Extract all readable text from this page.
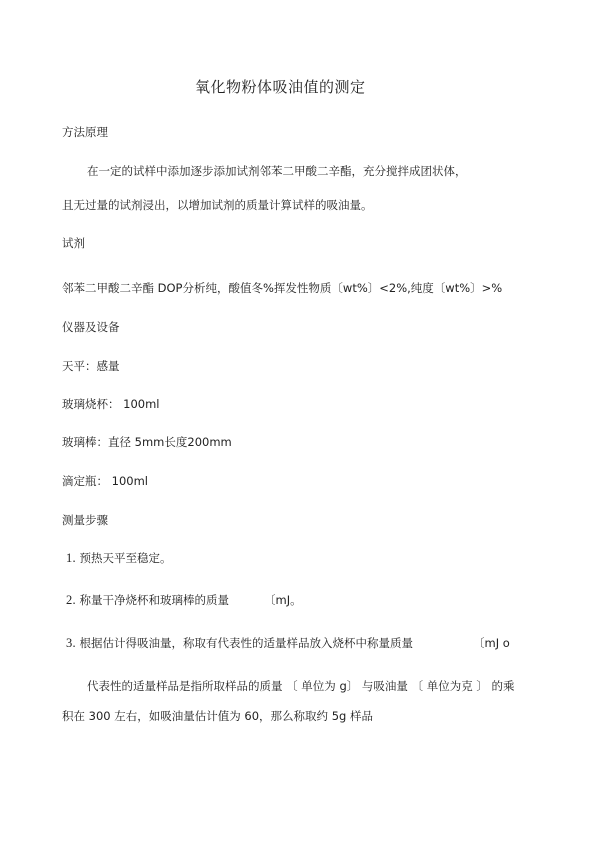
氧化物粉体吸油值的测定
方法原理
在一定的试样中添加逐步添加试剂邻苯二甲酸二辛酯，充分搅拌成团状体，
且无过量的试剂浸出，以增加试剂的质量计算试样的吸油量。
试剂
邻苯二甲酸二辛酯 DOP分析纯，酸值冬%挥发性物质〔wt%〕<2%,纯度〔wt%〕>%
仪器及设备
天平：感量
玻璃烧杯： 100ml
玻璃棒：直径 5mm长度200mm
滴定瓶： 100ml
测量步骤
1. 预热天平至稳定。
2. 称量干净烧杯和玻璃棒的质量	〔mJ。
3. 根据估计得吸油量，称取有代表性的适量样品放入烧杯中称量质量	〔mJ o
代表性的适量样品是指所取样品的质量 〔 单位为 g〕 与吸油量 〔 单位为克 〕 的乘
积在 300 左右，如吸油量估计值为 60，那么称取约 5g 样品
